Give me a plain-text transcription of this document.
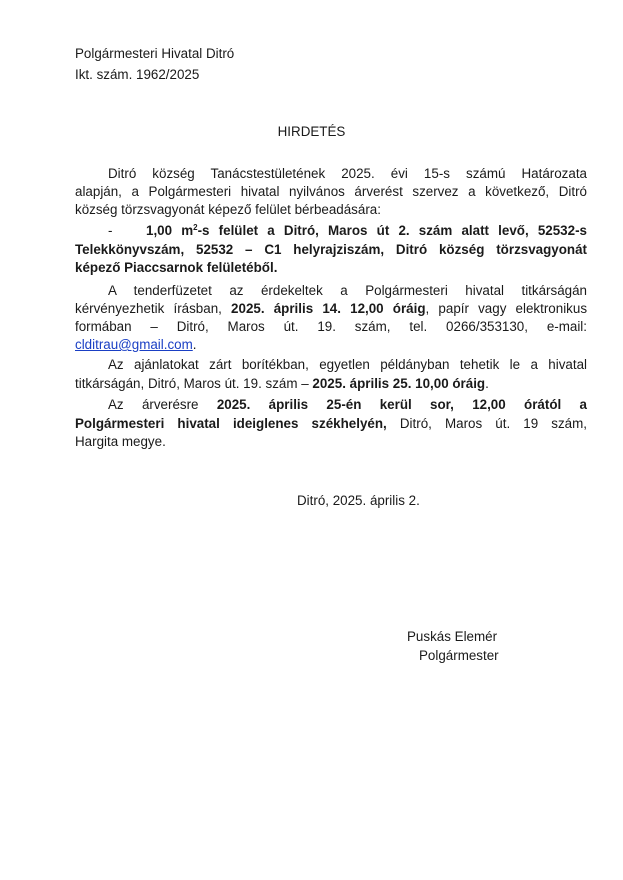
Polgármesteri Hivatal Ditró
Ikt. szám. 1962/2025
HIRDETÉS
Ditró község Tanácstestületének 2025. évi 15-s számú Határozata
alapján, a Polgármesteri hivatal nyilvános árverést szervez a következő, Ditró
község törzsvagyonát képező felület bérbeadására:
-	1,00 $m^2-s$ felület a Ditró, Maros út 2. szám alatt levő, 52532-s
Telekkönyvszám, 52532 – C1 helyrajziszám, Ditró község törzsvagyonát
képező Piaccsarnok felületéből.
A tenderfüzetet az érdekeltek a Polgármesteri hivatal titkárságán
kérvényezhetik írásban, 2025. április 14. 12,00 óráig, papír vagy elektronikus
formában – Ditró, Maros út. 19. szám, tel. 0266/353130, e-mail:
clditrau@gmail.com.
Az ajánlatokat zárt borítékban, egyetlen példányban tehetik le a hivatal
titkárságán, Ditró, Maros út. 19. szám – 2025. április 25. 10,00 óráig.
Az árverésre 2025. április 25-én kerül sor, 12,00 órától a
Polgármesteri hivatal ideiglenes székhelyén, Ditró, Maros út. 19 szám,
Hargita megye.
Ditró, 2025. április 2.
Puskás Elemér
Polgármester
